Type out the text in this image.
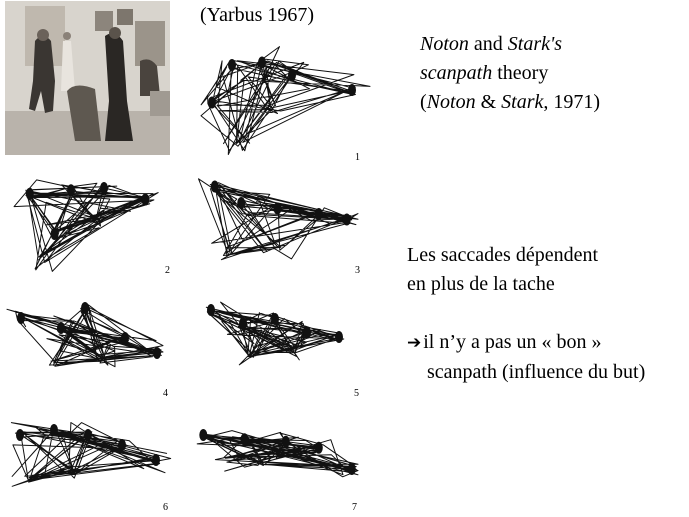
(Yarbus 1967)
Noton and Stark's
scanpath theory
(Noton & Stark, 1971)
Les saccades dépendent
en plus de la tache
➔ il n’y a pas un « bon »
scanpath (influence du but)
1
2	3
4	5
6	7
